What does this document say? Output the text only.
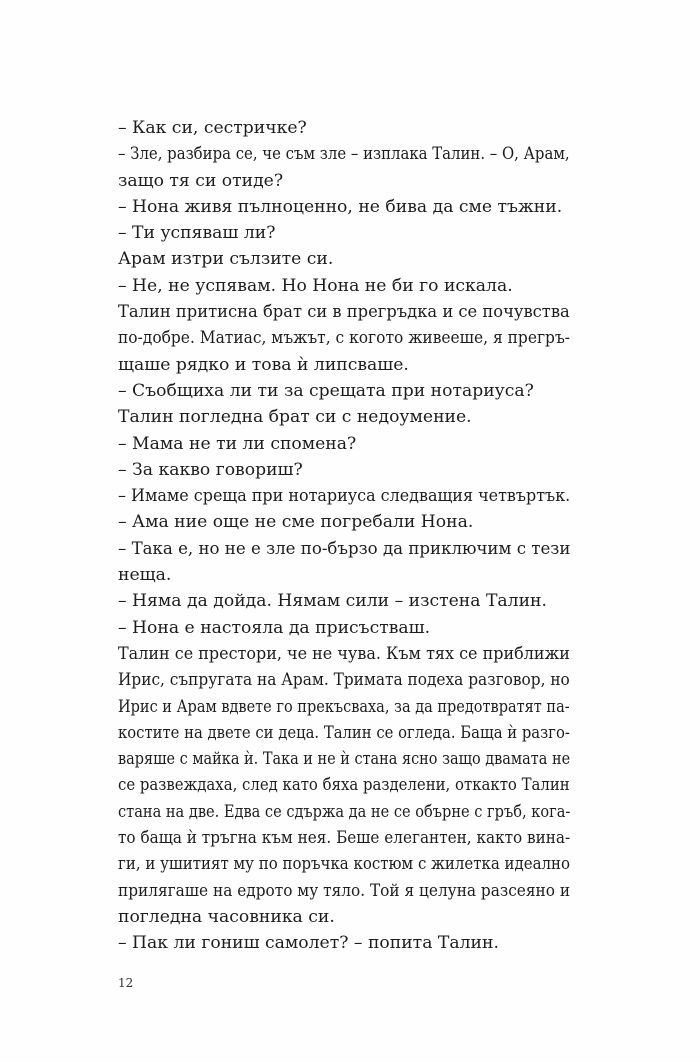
– Как си, сестричке?
– Зле, разбира се, че съм зле – изплака Талин. – О, Арам,
защо тя си отиде?
– Нона живя пълноценно, не бива да сме тъжни.
– Ти успяваш ли?
Арам изтри сълзите си.
– Не, не успявам. Но Нона не би го искала.
Талин притисна брат си в прегръдка и се почувства
по-добре. Матиас, мъжът, с когото живееше, я прегръ-
щаше рядко и това ѝ липсваше.
– Съобщиха ли ти за срещата при нотариуса?
Талин погледна брат си с недоумение.
– Мама не ти ли спомена?
– За какво говориш?
– Имаме среща при нотариуса следващия четвъртък.
– Ама ние още не сме погребали Нона.
– Така е, но не е зле по-бързо да приключим с тези
неща.
– Няма да дойда. Нямам сили – изстена Талин.
– Нона е настояла да присъстваш.
Талин се престори, че не чува. Към тях се приближи
Ирис, съпругата на Арам. Тримата подеха разговор, но
Ирис и Арам вдвете го прекъсваха, за да предотвратят па-
костите на двете си деца. Талин се огледа. Баща ѝ разго-
варяше с майка ѝ. Така и не ѝ стана ясно защо двамата не
се развеждаха, след като бяха разделени, откакто Талин
стана на две. Едва се сдържа да не се обърне с гръб, кога-
то баща ѝ тръгна към нея. Беше елегантен, както вина-
ги, и ушитият му по поръчка костюм с жилетка идеално
прилягаше на едрото му тяло. Той я целуна разсеяно и
погледна часовника си.
– Пак ли гониш самолет? – попита Талин.
12
